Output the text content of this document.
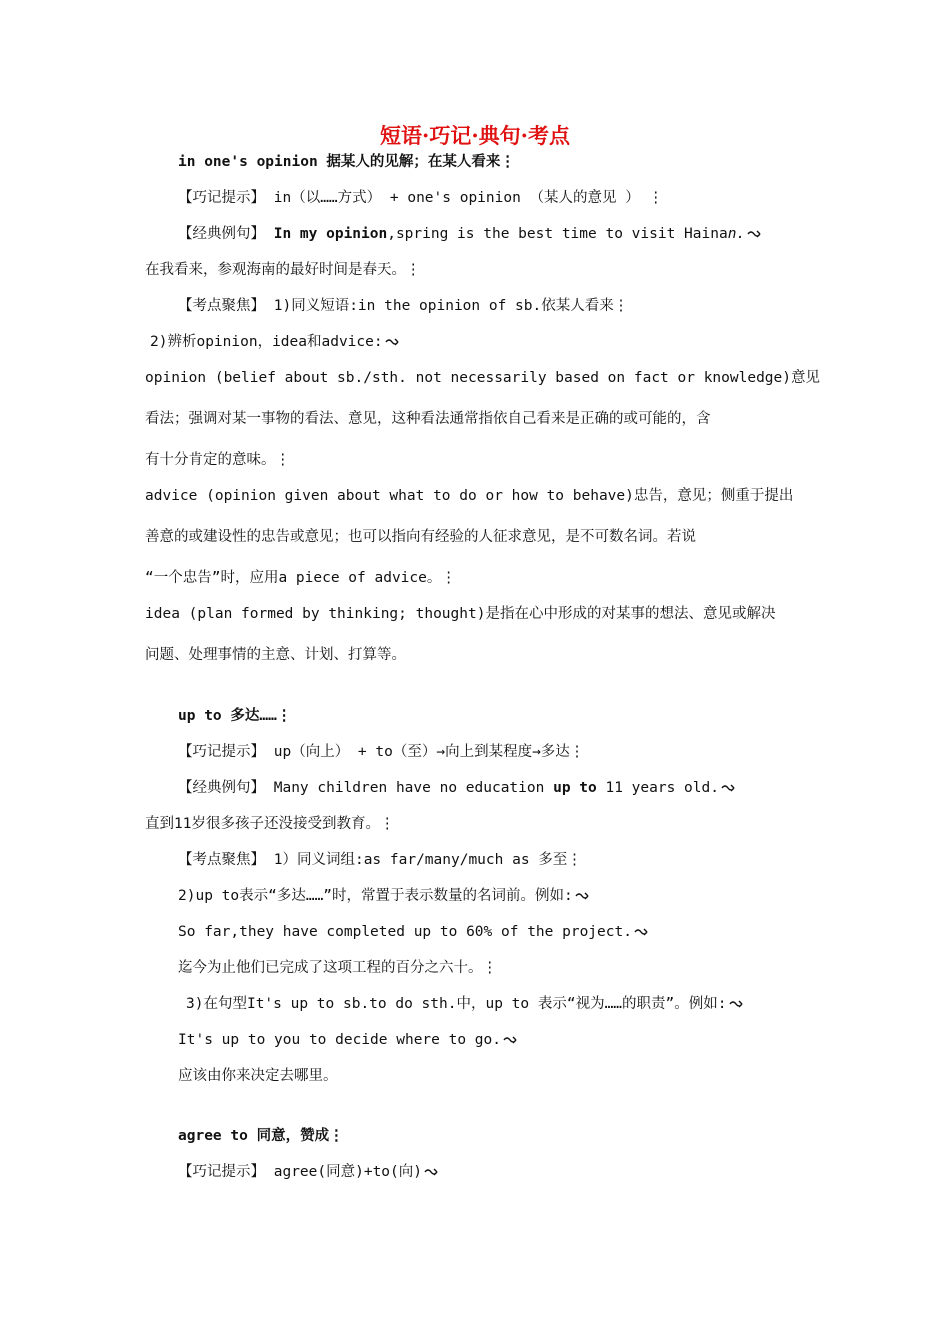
短语·巧记·典句·考点
in one's opinion 据某人的见解；在某人看来⋮
【巧记提示】 in（以……方式） + one's opinion （某人的意见 ） ⋮
【经典例句】 In my opinion,spring is the best time to visit Hainan.
在我看来，参观海南的最好时间是春天。⋮
【考点聚焦】 1)同义短语:in the opinion of sb.依某人看来⋮
2)辨析opinion，idea和advice:
opinion (belief about sb./sth. not necessarily based on fact or knowledge)意见
看法；强调对某一事物的看法、意见，这种看法通常指依自己看来是正确的或可能的，含
有十分肯定的意味。⋮
advice (opinion given about what to do or how to behave)忠告，意见；侧重于提出
善意的或建设性的忠告或意见；也可以指向有经验的人征求意见，是不可数名词。若说
“一个忠告”时，应用a piece of advice。⋮
idea (plan formed by thinking; thought)是指在心中形成的对某事的想法、意见或解决
问题、处理事情的主意、计划、打算等。
up to 多达……⋮
【巧记提示】 up（向上） + to（至）→向上到某程度→多达⋮
【经典例句】 Many children have no education up to 11 years old.
直到11岁很多孩子还没接受到教育。⋮
【考点聚焦】 1）同义词组:as far/many/much as 多至⋮
2)up to表示“多达……”时，常置于表示数量的名词前。例如:
So far,they have completed up to 60% of the project.
迄今为止他们已完成了这项工程的百分之六十。⋮
3)在句型It's up to sb.to do sth.中，up to 表示“视为……的职责”。例如:
It's up to you to decide where to go.
应该由你来决定去哪里。
agree to 同意，赞成⋮
【巧记提示】 agree(同意)+to(向)
